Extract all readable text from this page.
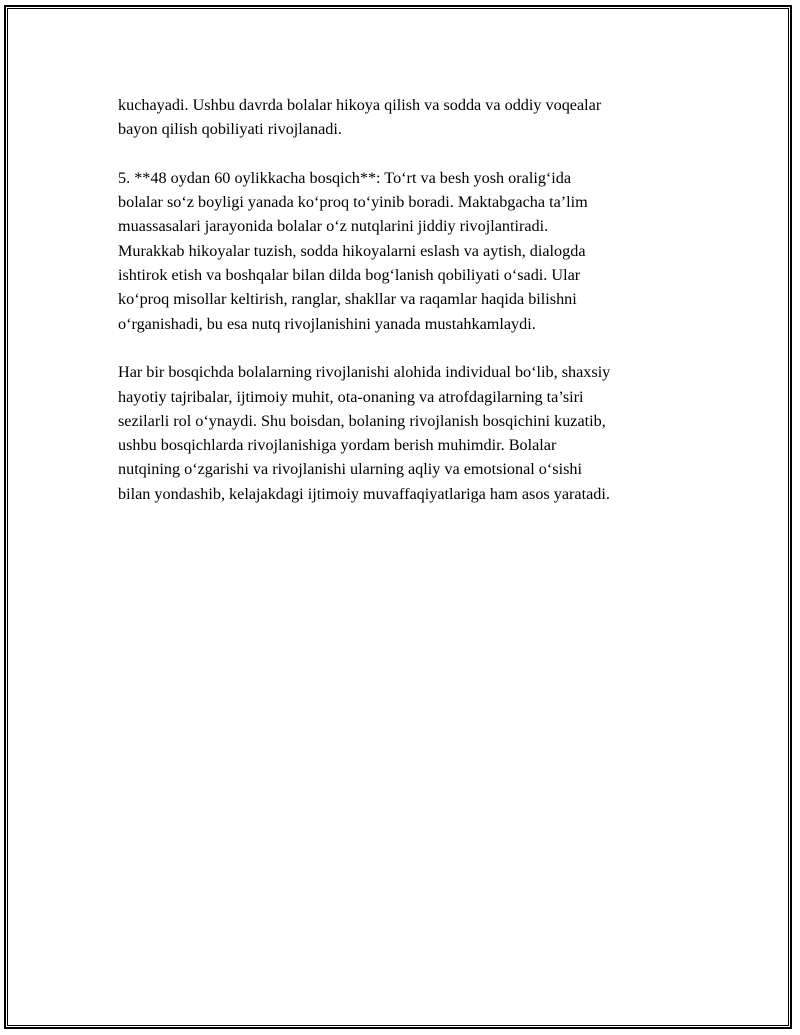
kuchayadi. Ushbu davrda bolalar hikoya qilish va sodda va oddiy voqealar
bayon qilish qobiliyati rivojlanadi.

5. **48 oydan 60 oylikkacha bosqich**: To‘rt va besh yosh oralig‘ida
bolalar so‘z boyligi yanada ko‘proq to‘yinib boradi. Maktabgacha ta’lim
muassasalari jarayonida bolalar o‘z nutqlarini jiddiy rivojlantiradi.
Murakkab hikoyalar tuzish, sodda hikoyalarni eslash va aytish, dialogda
ishtirok etish va boshqalar bilan dilda bog‘lanish qobiliyati o‘sadi. Ular
ko‘proq misollar keltirish, ranglar, shakllar va raqamlar haqida bilishni
o‘rganishadi, bu esa nutq rivojlanishini yanada mustahkamlaydi.

Har bir bosqichda bolalarning rivojlanishi alohida individual bo‘lib, shaxsiy
hayotiy tajribalar, ijtimoiy muhit, ota-onaning va atrofdagilarning ta’siri
sezilarli rol o‘ynaydi. Shu boisdan, bolaning rivojlanish bosqichini kuzatib,
ushbu bosqichlarda rivojlanishiga yordam berish muhimdir. Bolalar
nutqining o‘zgarishi va rivojlanishi ularning aqliy va emotsional o‘sishi
bilan yondashib, kelajakdagi ijtimoiy muvaffaqiyatlariga ham asos yaratadi.
